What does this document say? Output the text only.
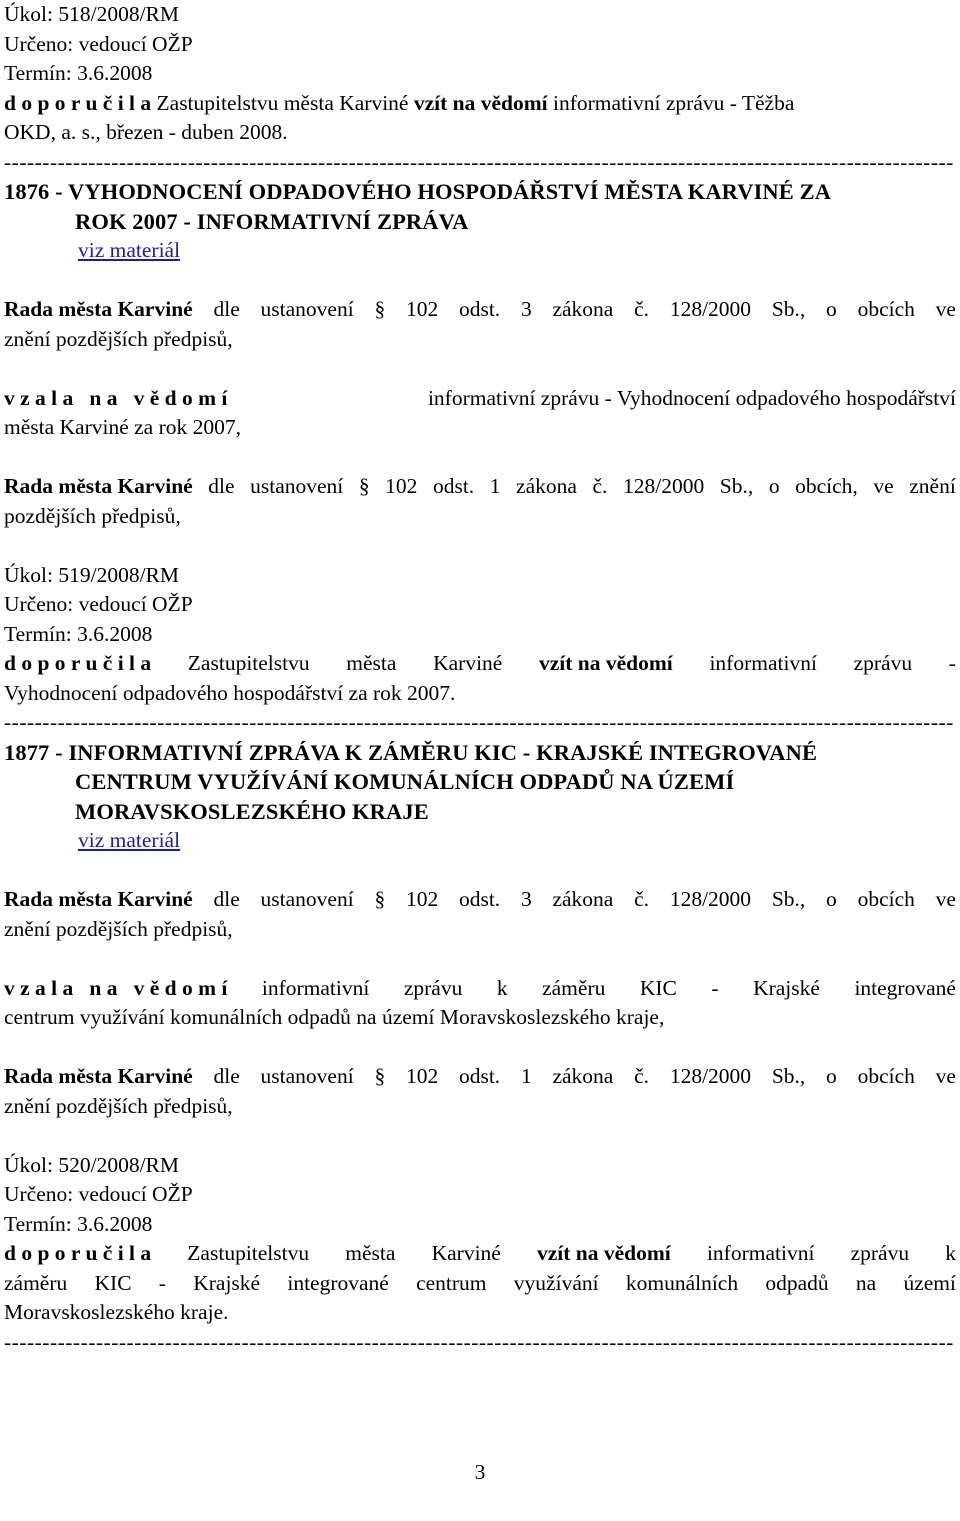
Úkol: 518/2008/RM
Určeno: vedoucí OŽP
Termín: 3.6.2008
d o p o r u č i l a Zastupitelstvu města Karviné vzít na vědomí informativní zprávu - Těžba
OKD, a. s., březen - duben 2008.
----------------------------------------------------------------------------------------------------------------------------
1876 - VYHODNOCENÍ ODPADOVÉHO HOSPODÁŘSTVÍ MĚSTA KARVINÉ ZA
ROK 2007 - INFORMATIVNÍ ZPRÁVA
viz materiál
Rada města Karviné dle ustanovení § 102 odst. 3 zákona č. 128/2000 Sb., o obcích ve
znění pozdějších předpisů,
v z a l a   n a   v ě d o m í	informativní zprávu - Vyhodnocení odpadového hospodářství
města Karviné za rok 2007,
Rada města Karviné dle ustanovení § 102 odst. 1 zákona č. 128/2000 Sb., o obcích, ve znění
pozdějších předpisů,
Úkol: 519/2008/RM
Určeno: vedoucí OŽP
Termín: 3.6.2008
d o p o r u č i l a Zastupitelstvu města Karviné vzít na vědomí informativní zprávu -
Vyhodnocení odpadového hospodářství za rok 2007.
----------------------------------------------------------------------------------------------------------------------------
1877 - INFORMATIVNÍ ZPRÁVA K ZÁMĚRU KIC - KRAJSKÉ INTEGROVANÉ
CENTRUM VYUŽÍVÁNÍ KOMUNÁLNÍCH ODPADŮ NA ÚZEMÍ
MORAVSKOSLEZSKÉHO KRAJE
viz materiál
Rada města Karviné dle ustanovení § 102 odst. 3 zákona č. 128/2000 Sb., o obcích ve
znění pozdějších předpisů,
v z a l a   n a   v ě d o m í informativní zprávu k záměru KIC - Krajské integrované
centrum využívání komunálních odpadů na území Moravskoslezského kraje,
Rada města Karviné dle ustanovení § 102 odst. 1 zákona č. 128/2000 Sb., o obcích ve
znění pozdějších předpisů,
Úkol: 520/2008/RM
Určeno: vedoucí OŽP
Termín: 3.6.2008
d o p o r u č i l a Zastupitelstvu města Karviné vzít na vědomí informativní zprávu k
záměru KIC - Krajské integrované centrum využívání komunálních odpadů na území
Moravskoslezského kraje.
----------------------------------------------------------------------------------------------------------------------------
3
